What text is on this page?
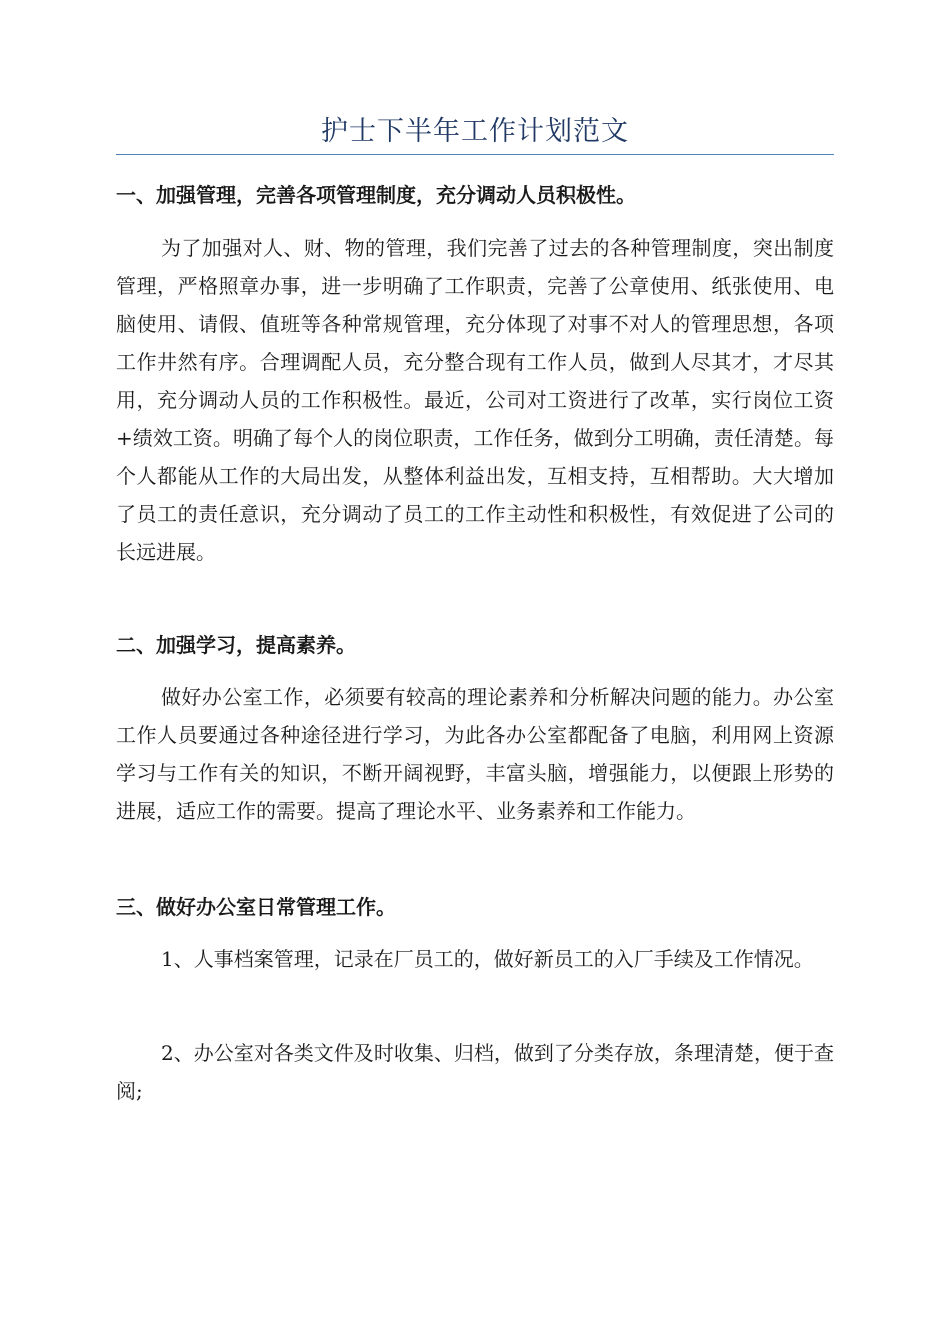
护士下半年工作计划范文
一、加强管理，完善各项管理制度，充分调动人员积极性。
为了加强对人、财、物的管理，我们完善了过去的各种管理制度，突出制度管理，严格照章办事，进一步明确了工作职责，完善了公章使用、纸张使用、电脑使用、请假、值班等各种常规管理，充分体现了对事不对人的管理思想，各项工作井然有序。合理调配人员，充分整合现有工作人员，做到人尽其才，才尽其用，充分调动人员的工作积极性。最近，公司对工资进行了改革，实行岗位工资+绩效工资。明确了每个人的岗位职责，工作任务，做到分工明确，责任清楚。每个人都能从工作的大局出发，从整体利益出发，互相支持，互相帮助。大大增加了员工的责任意识，充分调动了员工的工作主动性和积极性，有效促进了公司的长远进展。
二、加强学习，提高素养。
做好办公室工作，必须要有较高的理论素养和分析解决问题的能力。办公室工作人员要通过各种途径进行学习，为此各办公室都配备了电脑，利用网上资源学习与工作有关的知识，不断开阔视野，丰富头脑，增强能力，以便跟上形势的进展，适应工作的需要。提高了理论水平、业务素养和工作能力。
三、做好办公室日常管理工作。
1、人事档案管理，记录在厂员工的，做好新员工的入厂手续及工作情况。
2、办公室对各类文件及时收集、归档，做到了分类存放，条理清楚，便于查阅;
